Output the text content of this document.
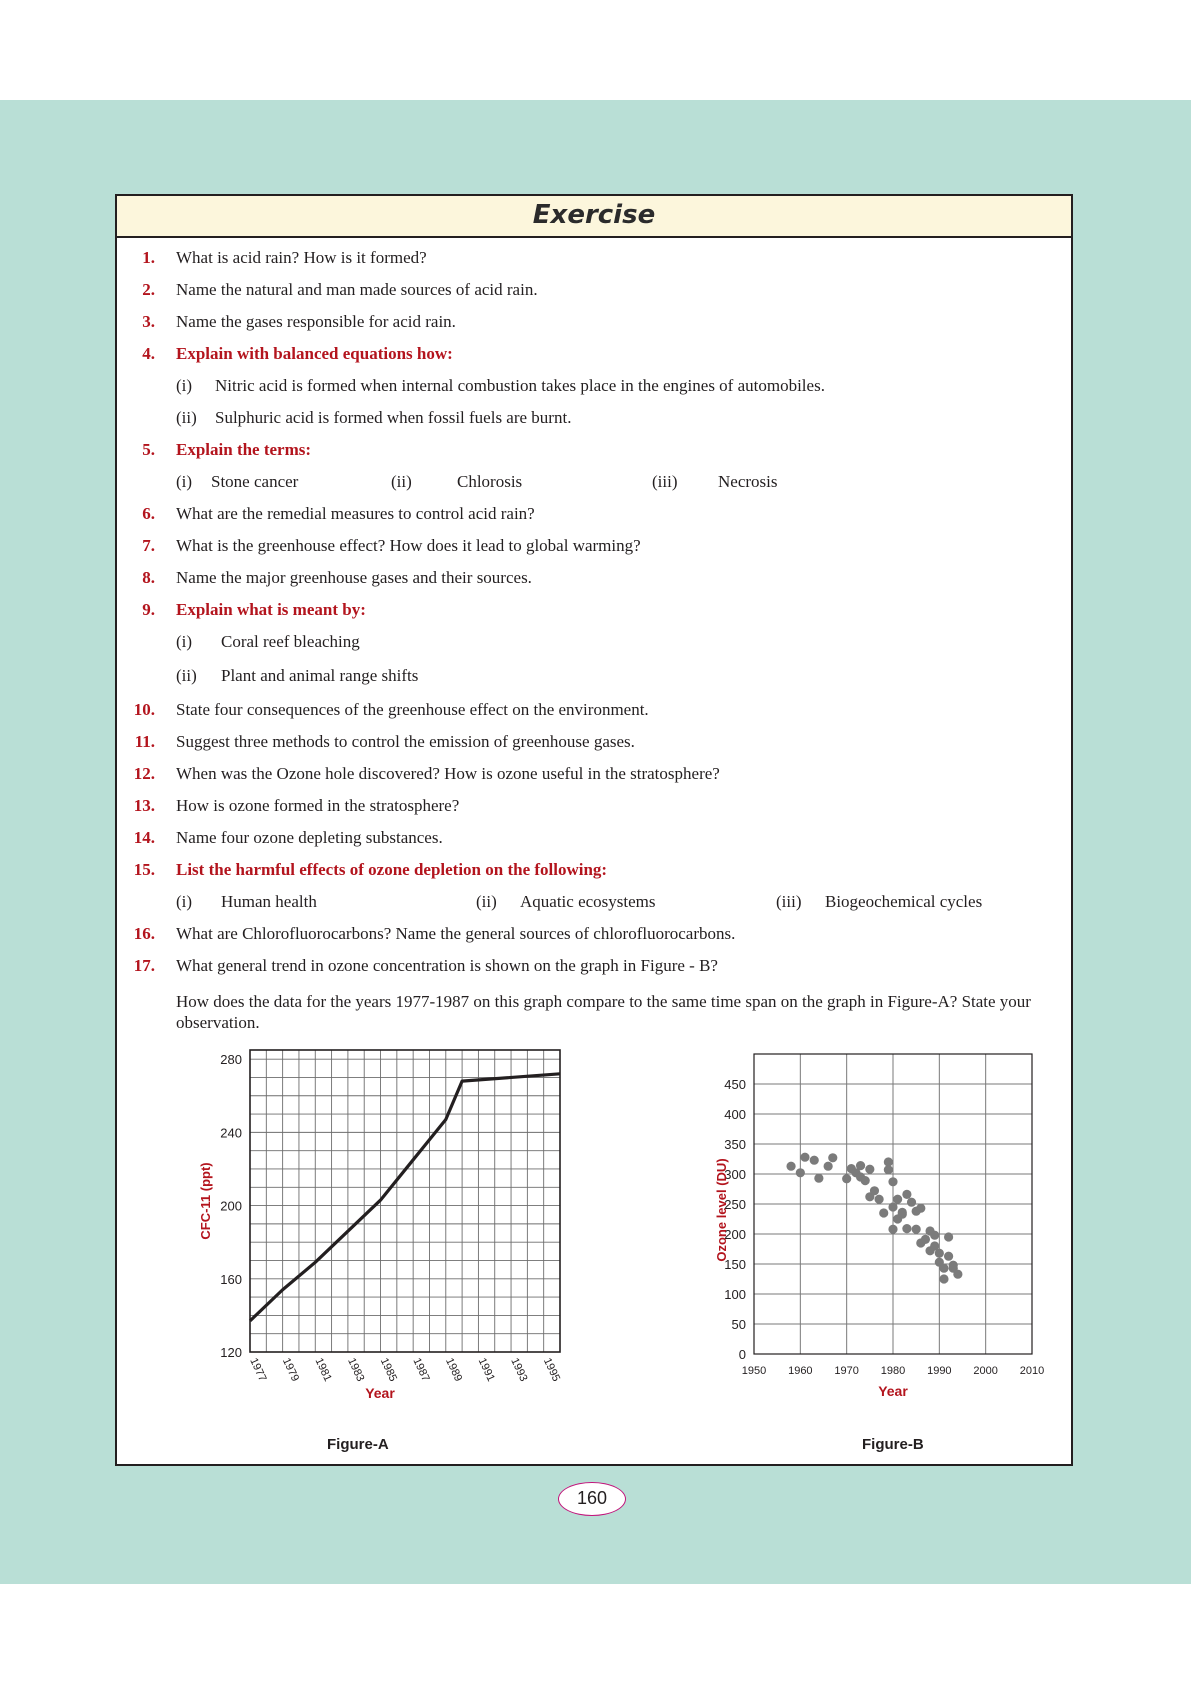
Exercise
1. What is acid rain? How is it formed?
2. Name the natural and man made sources of acid rain.
3. Name the gases responsible for acid rain.
4. Explain with balanced equations how:
(i) Nitric acid is formed when internal combustion takes place in the engines of automobiles.
(ii) Sulphuric acid is formed when fossil fuels are burnt.
5. Explain the terms:
(i) Stone cancer	(ii)	Chlorosis	(iii) Necrosis
6. What are the remedial measures to control acid rain?
7. What is the greenhouse effect? How does it lead to global warming?
8. Name the major greenhouse gases and their sources.
9. Explain what is meant by:
(i) Coral reef bleaching
(ii) Plant and animal range shifts
10. State four consequences of the greenhouse effect on the environment.
11. Suggest three methods to control the emission of greenhouse gases.
12. When was the Ozone hole discovered? How is ozone useful in the stratosphere?
13. How is ozone formed in the stratosphere?
14. Name four ozone depleting substances.
15. List the harmful effects of ozone depletion on the following:
(i) Human health	(ii) Aquatic ecosystems	(iii) Biogeochemical cycles
16. What are Chlorofluorocarbons? Name the general sources of chlorofluorocarbons.
17. What general trend in ozone concentration is shown on the graph in Figure - B?
How does the data for the years 1977-1987 on this graph compare to the same time span on the graph in Figure-A? State your observation.
120
160
200
240
280
1977 1979 1981 1983 1985 1987 1989 1991 1993 1995
Year
CFC-11 (ppt)
Figure-A
0
50
100
150
200
250
300
350
400
450
1950 1960 1970 1980 1990 2000 2010
Year
Ozone level (DU)
Figure-B
160
